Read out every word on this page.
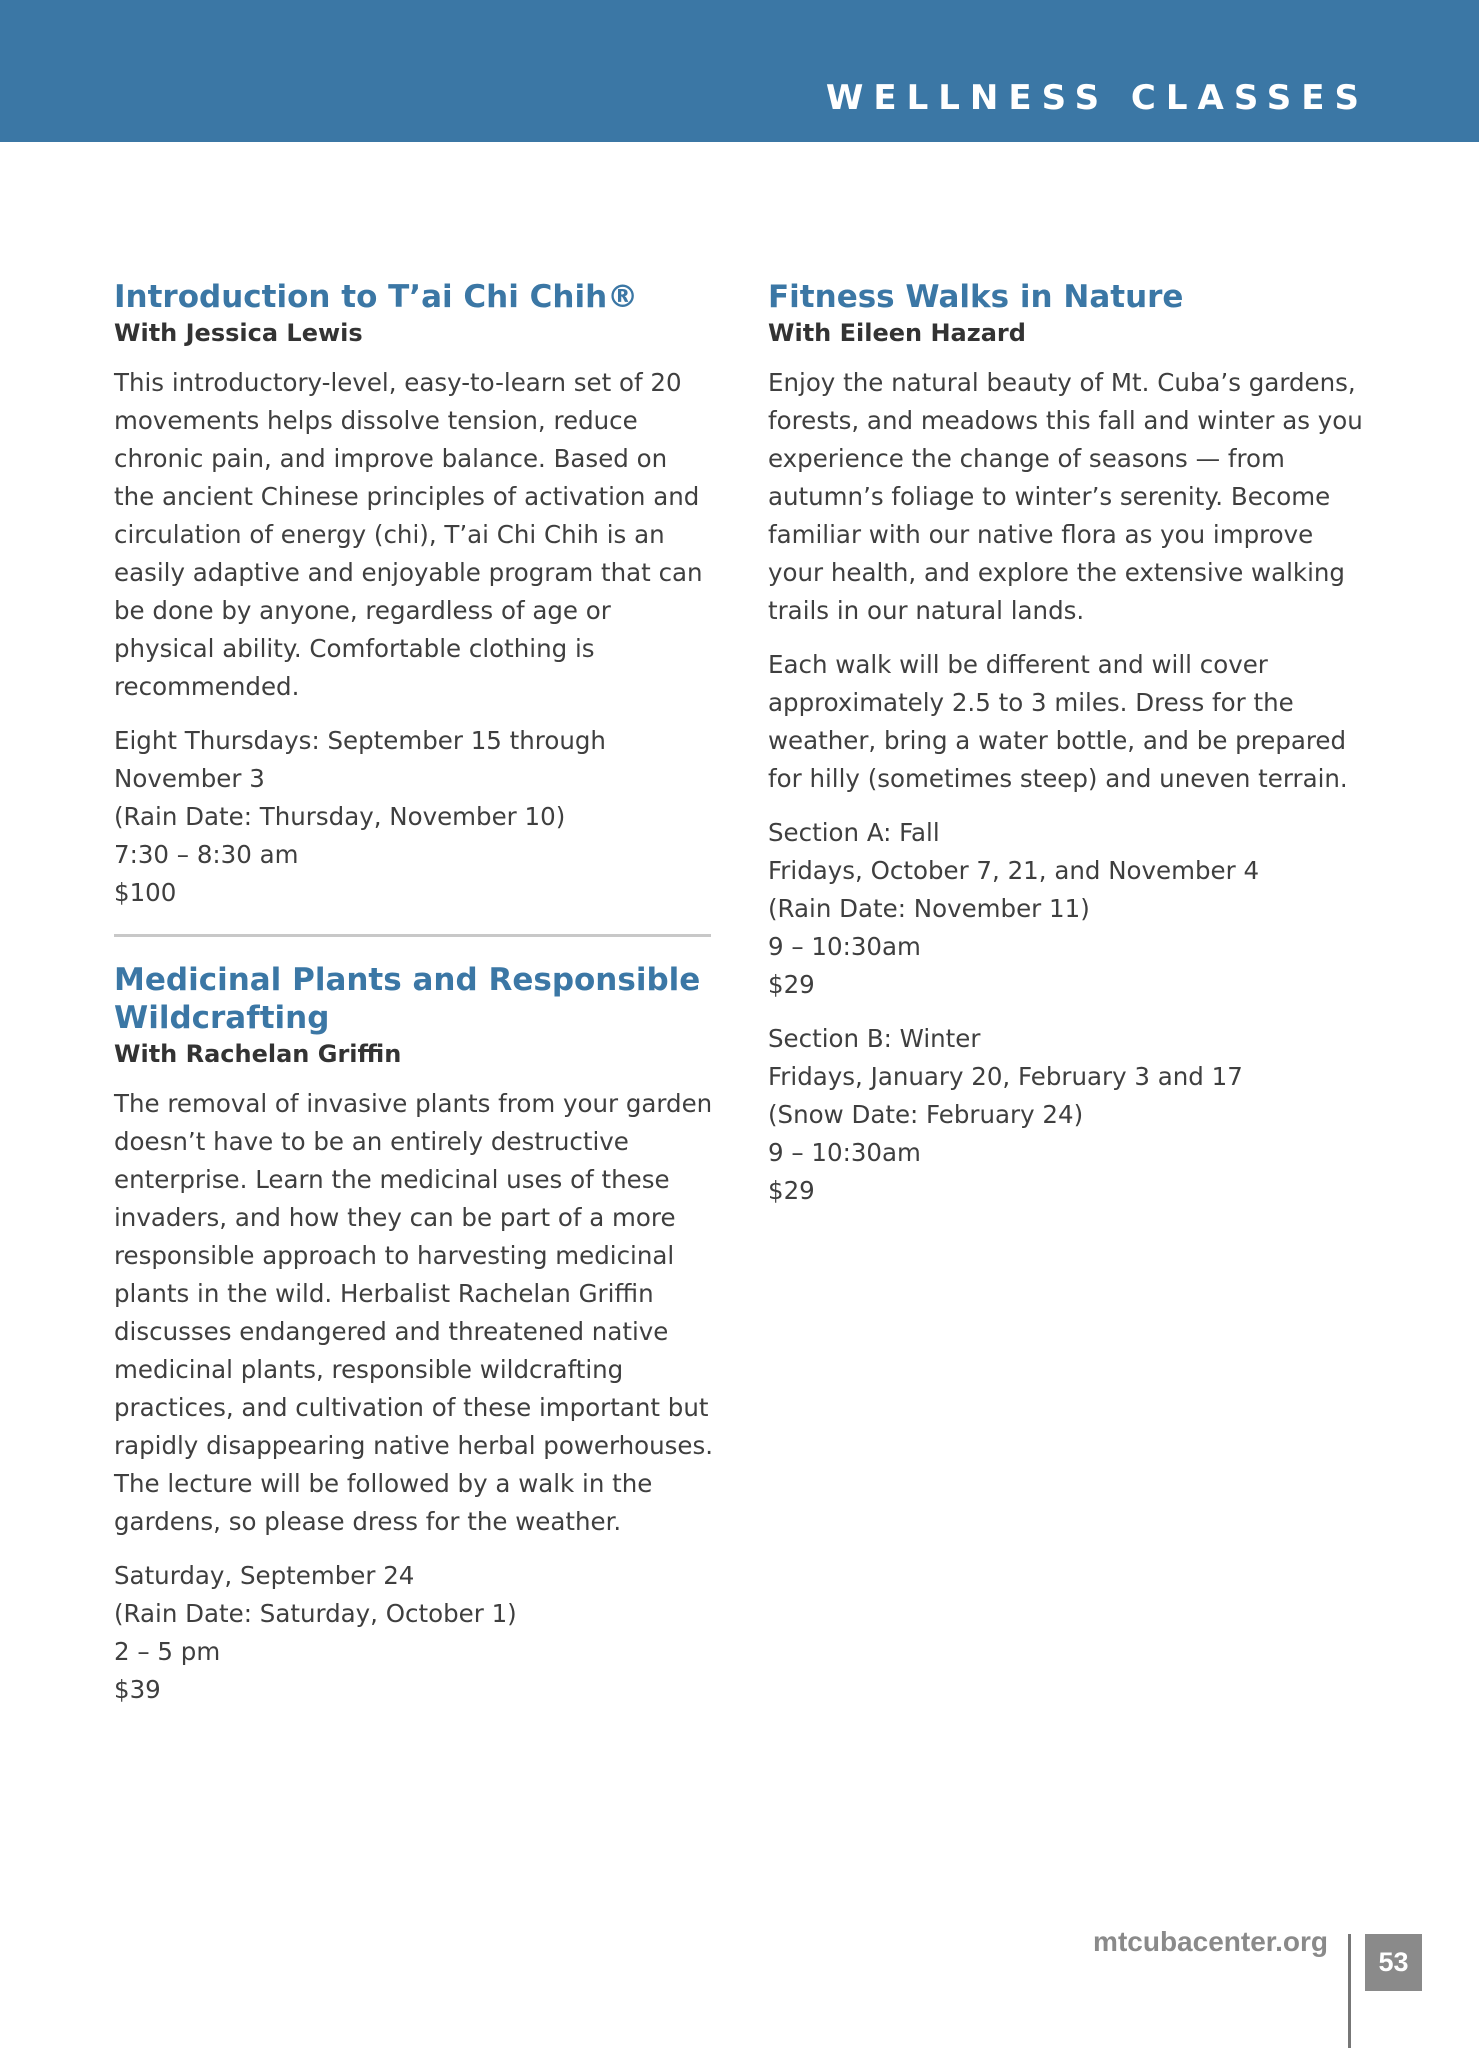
WELLNESS CLASSES
Introduction to T’ai Chi Chih®

With Jessica Lewis

This introductory-level, easy-to-learn set of 20 movements helps dissolve tension, reduce chronic pain, and improve balance. Based on the ancient Chinese principles of activation and circulation of energy (chi), T’ai Chi Chih is an easily adaptive and enjoyable program that can be done by anyone, regardless of age or physical ability. Comfortable clothing is recommended.

Eight Thursdays: September 15 through November 3
(Rain Date: Thursday, November 10)
7:30 – 8:30 am
$100
Medicinal Plants and Responsible Wildcrafting

With Rachelan Griffin

The removal of invasive plants from your garden doesn’t have to be an entirely destructive enterprise. Learn the medicinal uses of these invaders, and how they can be part of a more responsible approach to harvesting medicinal plants in the wild. Herbalist Rachelan Griffin discusses endangered and threatened native medicinal plants, responsible wildcrafting practices, and cultivation of these important but rapidly disappearing native herbal powerhouses. The lecture will be followed by a walk in the gardens, so please dress for the weather.

Saturday, September 24
(Rain Date: Saturday, October 1)
2 – 5 pm
$39
Fitness Walks in Nature

With Eileen Hazard

Enjoy the natural beauty of Mt. Cuba’s gardens, forests, and meadows this fall and winter as you experience the change of seasons — from autumn’s foliage to winter’s serenity. Become familiar with our native flora as you improve your health, and explore the extensive walking trails in our natural lands.

Each walk will be different and will cover approximately 2.5 to 3 miles. Dress for the weather, bring a water bottle, and be prepared for hilly (sometimes steep) and uneven terrain.

Section A: Fall
Fridays, October 7, 21, and November 4
(Rain Date: November 11)
9 – 10:30am
$29
Section B: Winter
Fridays, January 20, February 3 and 17
(Snow Date: February 24)
9 – 10:30am
$29
mtcubacenter.org
53
